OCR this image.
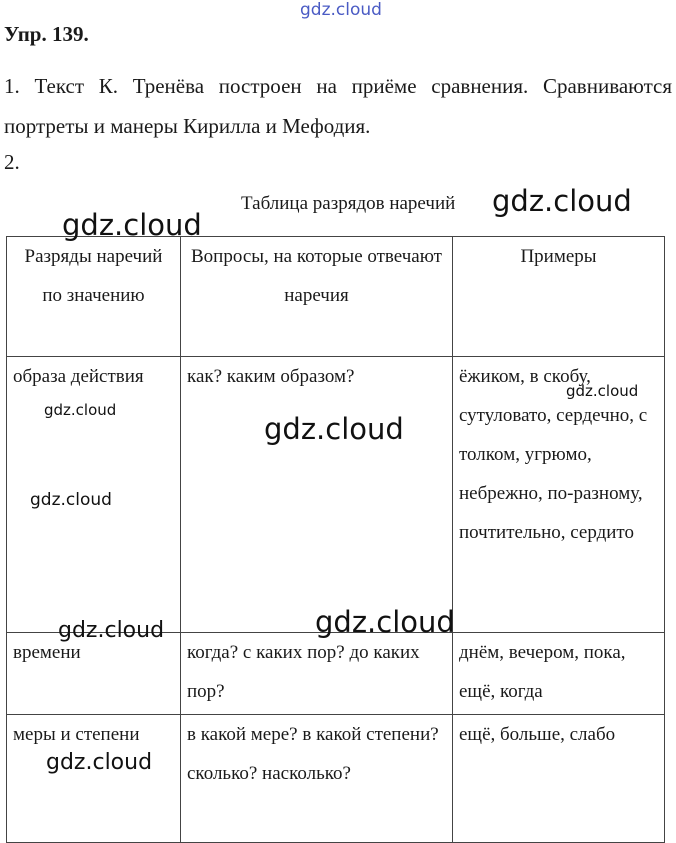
gdz.cloud
Упр. 139.
1. Текст К. Тренёва построен на приёме сравнения. Сравниваются портреты и манеры Кирилла и Мефодия.
2.
Таблица разрядов наречий
Разряды наречий по значению	Вопросы, на которые отвечают наречия	Примеры
образа действия	как? каким образом?	ёжиком, в скобу, сутуловато, сердечно, с толком, угрюмо, небрежно, по-разному, почтительно, сердито
времени	когда? с каких пор? до каких пор?	днём, вечером, пока, ещё, когда
меры и степени	в какой мере? в какой степени? сколько? насколько?	ещё, больше, слабо
gdz.cloud
gdz.cloud
gdz.cloud
gdz.cloud
gdz.cloud
gdz.cloud
gdz.cloud
gdz.cloud
gdz.cloud
